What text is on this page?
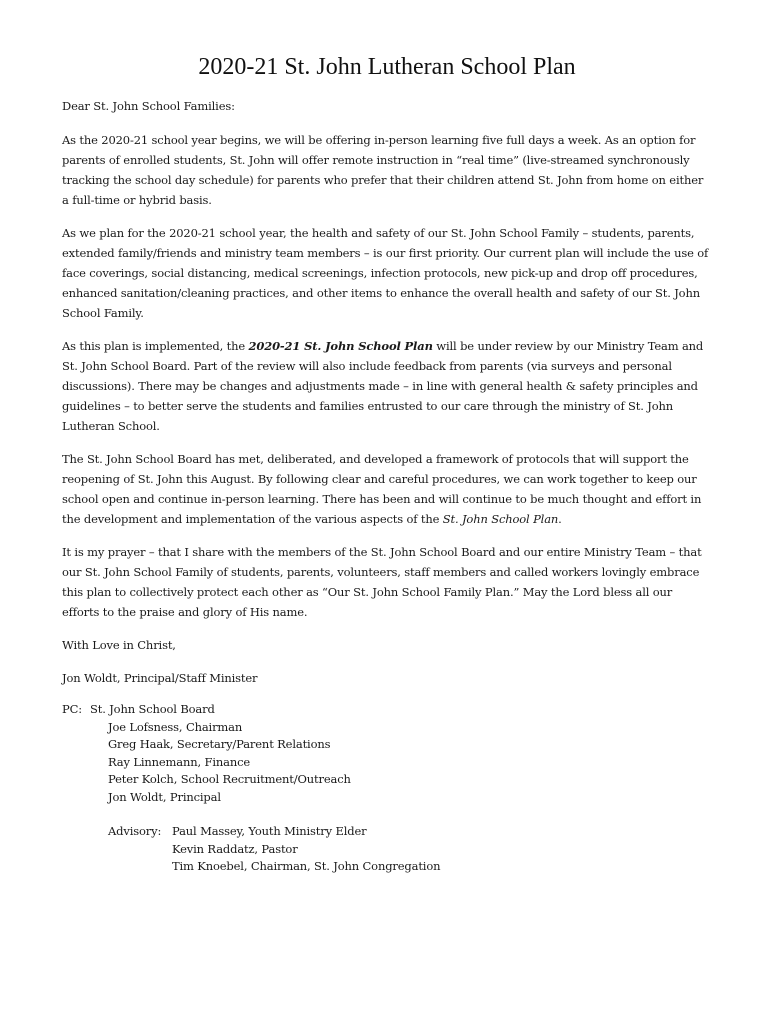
2020-21 St. John Lutheran School Plan

Dear St. John School Families:

As the 2020-21 school year begins, we will be offering in-person learning five full days a week. As an option for parents of enrolled students, St. John will offer remote instruction in “real time” (live-streamed synchronously tracking the school day schedule) for parents who prefer that their children attend St. John from home on either a full-time or hybrid basis.

As we plan for the 2020-21 school year, the health and safety of our St. John School Family – students, parents, extended family/friends and ministry team members – is our first priority. Our current plan will include the use of face coverings, social distancing, medical screenings, infection protocols, new pick-up and drop off procedures, enhanced sanitation/cleaning practices, and other items to enhance the overall health and safety of our St. John School Family.

As this plan is implemented, the 2020-21 St. John School Plan will be under review by our Ministry Team and St. John School Board. Part of the review will also include feedback from parents (via surveys and personal discussions). There may be changes and adjustments made – in line with general health & safety principles and guidelines – to better serve the students and families entrusted to our care through the ministry of St. John Lutheran School.

The St. John School Board has met, deliberated, and developed a framework of protocols that will support the reopening of St. John this August. By following clear and careful procedures, we can work together to keep our school open and continue in-person learning. There has been and will continue to be much thought and effort in the development and implementation of the various aspects of the St. John School Plan.

It is my prayer – that I share with the members of the St. John School Board and our entire Ministry Team – that our St. John School Family of students, parents, volunteers, staff members and called workers lovingly embrace this plan to collectively protect each other as “Our St. John School Family Plan.” May the Lord bless all our efforts to the praise and glory of His name.

With Love in Christ,

Jon Woldt, Principal/Staff Minister

PC: St. John School Board
Joe Lofsness, Chairman
Greg Haak, Secretary/Parent Relations
Ray Linnemann, Finance
Peter Kolch, School Recruitment/Outreach
Jon Woldt, Principal
Advisory: Paul Massey, Youth Ministry Elder
Kevin Raddatz, Pastor
Tim Knoebel, Chairman, St. John Congregation
